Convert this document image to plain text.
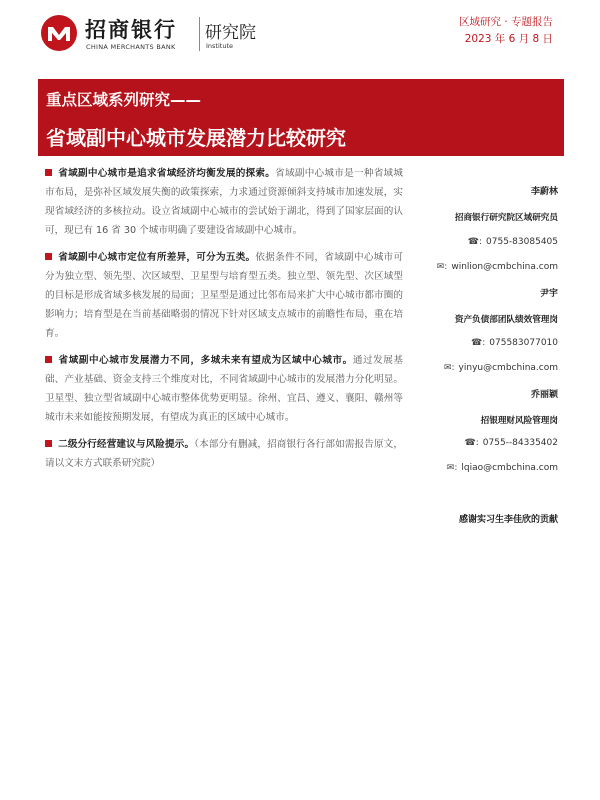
招商银行
CHINA MERCHANTS BANK
研究院
Institute
区域研究 · 专题报告
2023 年 6 月 8 日
重点区域系列研究——
省域副中心城市发展潜力比较研究

省域副中心城市是追求省域经济均衡发展的探索。省域副中心城市是一种省域城市布局，是弥补区域发展失衡的政策探索，力求通过资源倾斜支持城市加速发展，实现省域经济的多核拉动。设立省域副中心城市的尝试始于湖北，得到了国家层面的认可，现已有 16 省 30 个城市明确了要建设省域副中心城市。

省域副中心城市定位有所差异，可分为五类。依据条件不同，省域副中心城市可分为独立型、领先型、次区域型、卫星型与培育型五类。独立型、领先型、次区域型的目标是形成省域多核发展的局面；卫星型是通过比邻布局来扩大中心城市都市圈的影响力；培育型是在当前基础略弱的情况下针对区域支点城市的前瞻性布局，重在培育。

省域副中心城市发展潜力不同，多城未来有望成为区域中心城市。通过发展基础、产业基础、资金支持三个维度对比，不同省域副中心城市的发展潜力分化明显。卫星型、独立型省域副中心城市整体优势更明显。徐州、宜昌、遵义、襄阳、赣州等城市未来如能按预期发展，有望成为真正的区域中心城市。

二级分行经营建议与风险提示。（本部分有删减，招商银行各行部如需报告原文，请以文末方式联系研究院）

李蔚林
招商银行研究院区域研究员
☎: 0755-83085405
✉: winlion@cmbchina.com
尹宇
资产负债部团队绩效管理岗
☎: 075583077010
✉: yinyu@cmbchina.com
乔丽颖
招银理财风险管理岗
☎: 0755--84335402
✉: lqiao@cmbchina.com
感谢实习生李佳欣的贡献
